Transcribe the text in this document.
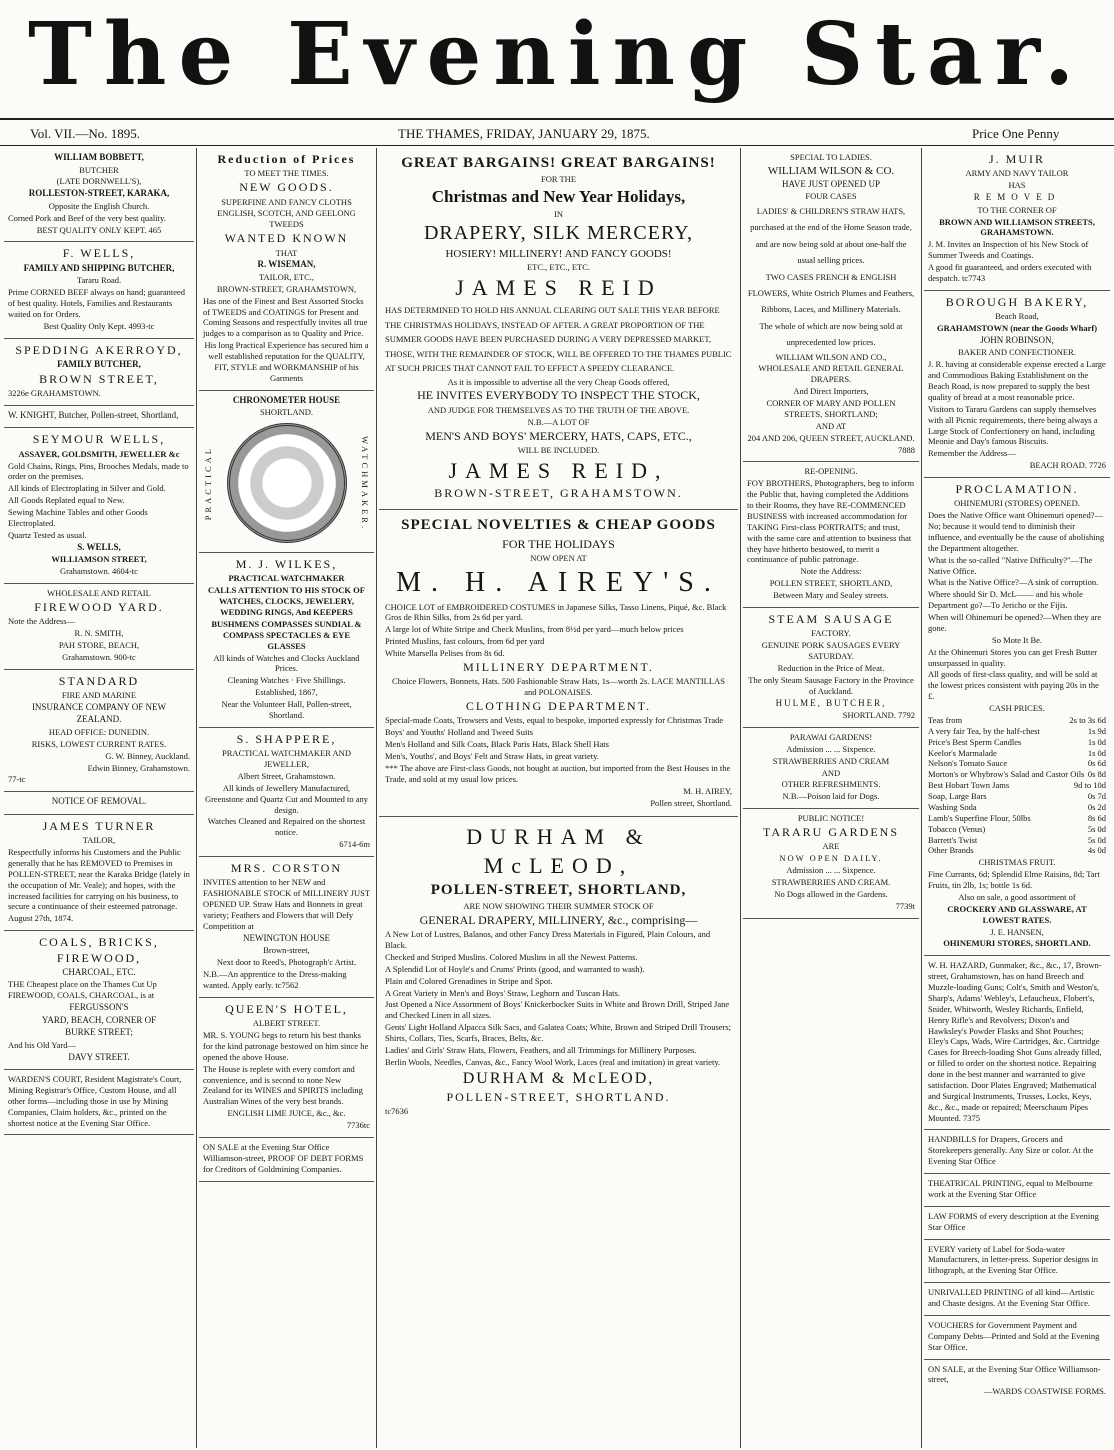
The Evening Star.
Vol. VII.—No. 1895.	THE THAMES, FRIDAY, JANUARY 29, 1875.	Price One Penny

WILLIAM BOBBETT,

BUTCHER

(LATE DORNWELL'S),

ROLLESTON-STREET, KARAKA,

Opposite the English Church.

Corned Pork and Beef of the very best quality.

BEST QUALITY ONLY KEPT. 465

F. WELLS,

FAMILY AND SHIPPING BUTCHER,

Tararu Road.

Prime CORNED BEEF always on hand; guaranteed of best quality. Hotels, Families and Restaurants waited on for Orders.

Best Quality Only Kept. 4993-tc

SPEDDING AKERROYD,

FAMILY BUTCHER,

BROWN STREET,

3226e GRAHAMSTOWN.

W. KNIGHT, Butcher, Pollen-street, Shortland,

SEYMOUR WELLS,

ASSAYER, GOLDSMITH, JEWELLER &c

Gold Chains, Rings, Pins, Brooches Medals, made to order on the premises.

All kinds of Electroplating in Silver and Gold.

All Goods Replated equal to New.

Sewing Machine Tables and other Goods Electroplated.

Quartz Tested as usual.

S. WELLS,

WILLIAMSON STREET,

Grahamstown. 4604-tc

WHOLESALE AND RETAIL

FIREWOOD YARD.

Note the Address—

R. N. SMITH,

PAH STORE, BEACH,

Grahamstown. 900-tc

STANDARD

FIRE AND MARINE

INSURANCE COMPANY OF NEW

ZEALAND.

HEAD OFFICE: DUNEDIN.

RISKS, LOWEST CURRENT RATES.

G. W. Binney, Auckland.

Edwin Binney, Grahamstown.

77-tc

NOTICE OF REMOVAL.

JAMES TURNER

TAILOR,

Respectfully informs his Customers and the Public generally that he has REMOVED to Premises in POLLEN-STREET, near the Karaka Bridge (lately in the occupation of Mr. Veale); and hopes, with the increased facilities for carrying on his business, to secure a continuance of their esteemed patronage.

August 27th, 1874.

COALS, BRICKS, FIREWOOD,

CHARCOAL, ETC.

THE Cheapest place on the Thames Cut Up FIREWOOD, COALS, CHARCOAL, is at

FERGUSSON'S

YARD, BEACH, CORNER OF

BURKE STREET;

And his Old Yard—

DAVY STREET.

WARDEN'S COURT, Resident Magistrate's Court, Mining Registrar's Office, Custom House, and all other forms—including those in use by Mining Companies, Claim holders, &c., printed on the shortest notice at the Evening Star Office.

Reduction of Prices

TO MEET THE TIMES.

NEW GOODS.

SUPERFINE AND FANCY CLOTHS

ENGLISH, SCOTCH, AND GEELONG TWEEDS

WANTED KNOWN

THAT

R. WISEMAN,

TAILOR, ETC.,

BROWN-STREET, GRAHAMSTOWN,

Has one of the Finest and Best Assorted Stocks of TWEEDS and COATINGS for Present and Coming Seasons and respectfully invites all true judges to a comparison as to Quality and Price.

His long Practical Experience has secured him a well established reputation for the QUALITY, FIT, STYLE and WORKMANSHIP of his Garments

CHRONOMETER HOUSE

SHORTLAND.

PRACTICAL	WATCHMAKER.

M. J. WILKES,

PRACTICAL WATCHMAKER

CALLS ATTENTION TO HIS STOCK OF WATCHES, CLOCKS, JEWELERY, WEDDING RINGS, And KEEPERS

BUSHMENS COMPASSES SUNDIAL & COMPASS SPECTACLES & EYE GLASSES

All kinds of Watches and Clocks Auckland Prices.

Cleaning Watches · Five Shillings.

Established, 1867,

Near the Volunteer Hall, Pollen-street, Shortland.

S. SHAPPERE,

PRACTICAL WATCHMAKER AND JEWELLER,

Albert Street, Grahamstown.

All kinds of Jewellery Manufactured, Greenstone and Quartz Cut and Mounted to any design.

Watches Cleaned and Repaired on the shortest notice.

6714-6m

MRS. CORSTON

INVITES attention to her NEW and FASHIONABLE STOCK of MILLINERY JUST OPENED UP. Straw Hats and Bonnets in great variety; Feathers and Flowers that will Defy Competition at

NEWINGTON HOUSE

Brown-street,

Next door to Reed's, Photograph'c Artist.

N.B.—An apprentice to the Dress-making wanted. Apply early. tc7562

QUEEN'S HOTEL,

ALBERT STREET.

MR. S. YOUNG begs to return his best thanks for the kind patronage bestowed on him since he opened the above House.

The House is replete with every comfort and convenience, and is second to none New Zealand for its WINES and SPIRITS including Australian Wines of the very best brands.

ENGLISH LIME JUICE, &c., &c.

7736tc

ON SALE at the Evening Star Office Williamson-street, PROOF OF DEBT FORMS for Creditors of Goldmining Companies.

GREAT BARGAINS! GREAT BARGAINS!

FOR THE

Christmas and New Year Holidays,

IN

DRAPERY, SILK MERCERY,

HOSIERY! MILLINERY! AND FANCY GOODS!

ETC., ETC., ETC.

JAMES REID

HAS DETERMINED TO HOLD HIS ANNUAL CLEARING OUT SALE THIS YEAR BEFORE THE CHRISTMAS HOLIDAYS, INSTEAD OF AFTER. A GREAT PROPORTION OF THE SUMMER GOODS HAVE BEEN PURCHASED DURING A VERY DEPRESSED MARKET, THOSE, WITH THE REMAINDER OF STOCK, WILL BE OFFERED TO THE THAMES PUBLIC AT SUCH PRICES THAT CANNOT FAIL TO EFFECT A SPEEDY CLEARANCE.

As it is impossible to advertise all the very Cheap Goods offered,

HE INVITES EVERYBODY TO INSPECT THE STOCK,

AND JUDGE FOR THEMSELVES AS TO THE TRUTH OF THE ABOVE.

N.B.—A LOT OF

MEN'S AND BOYS' MERCERY, HATS, CAPS, ETC.,

WILL BE INCLUDED.

JAMES REID,

BROWN-STREET, GRAHAMSTOWN.

SPECIAL NOVELTIES & CHEAP GOODS

FOR THE HOLIDAYS

NOW OPEN AT

M. H. AIREY'S.

CHOICE LOT of EMBROIDERED COSTUMES in Japanese Silks, Tasso Linens, Piqué, &c. Black Gros de Rhin Silks, from 2s 6d per yard.

A large lot of White Stripe and Check Muslins, from 8½d per yard—much below prices

Printed Muslins, fast colours, from 6d per yard

White Marsella Pelises from 8s 6d.

MILLINERY DEPARTMENT.

Choice Flowers, Bonnets, Hats. 500 Fashionable Straw Hats, 1s—worth 2s. LACE MANTILLAS and POLONAISES.

CLOTHING DEPARTMENT.

Special-made Coats, Trowsers and Vests, equal to bespoke, imported expressly for Christmas Trade

Boys' and Youths' Holland and Tweed Suits

Men's Holland and Silk Coats, Black Paris Hats, Black Shell Hats

Men's, Youths', and Boys' Felt and Straw Hats, in great variety.

*** The above are First-class Goods, not bought at auction, but imported from the Best Houses in the Trade, and sold at my usual low prices.

M. H. AIREY,

Pollen street, Shortland.

DURHAM & McLEOD,

POLLEN-STREET, SHORTLAND,

ARE NOW SHOWING THEIR SUMMER STOCK OF

GENERAL DRAPERY, MILLINERY, &c., comprising—

A New Lot of Lustres, Balanos, and other Fancy Dress Materials in Figured, Plain Colours, and Black.

Checked and Striped Muslins. Colored Muslins in all the Newest Patterns.

A Splendid Lot of Hoyle's and Crums' Prints (good, and warranted to wash).

Plain and Colored Grenadines in Stripe and Spot.

A Great Variety in Men's and Boys' Straw, Leghorn and Tuscan Hats.

Just Opened a Nice Assortment of Boys' Knickerbocker Suits in White and Brown Drill, Striped Jane and Checked Linen in all sizes.

Gents' Light Holland Alpacca Silk Sacs, and Galatea Coats; White, Brown and Striped Drill Trousers; Shirts, Collars, Ties, Scarfs, Braces, Belts, &c.

Ladies' and Girls' Straw Hats, Flowers, Feathers, and all Trimmings for Millinery Purposes.

Berlin Wools, Needles, Canvas, &c., Fancy Wool Work, Laces (real and imitation) in great variety.

DURHAM & McLEOD,

POLLEN-STREET, SHORTLAND.

tc7636

SPECIAL TO LADIES.

WILLIAM WILSON & CO.

HAVE JUST OPENED UP

FOUR CASES

LADIES' & CHILDREN'S STRAW HATS, purchased at the end of the Home Season trade, and are now being sold at about one-half the usual selling prices.

TWO CASES FRENCH & ENGLISH FLOWERS, White Ostrich Plumes and Feathers, Ribbons, Laces, and Millinery Materials.

The whole of which are now being sold at unprecedented low prices.

WILLIAM WILSON AND CO.,

WHOLESALE AND RETAIL GENERAL DRAPERS.

And Direct Importers,

CORNER OF MARY AND POLLEN STREETS, SHORTLAND;

AND AT

204 AND 206, QUEEN STREET, AUCKLAND.

7888

RE-OPENING.

FOY BROTHERS, Photographers, beg to inform the Public that, having completed the Additions to their Rooms, they have RE-COMMENCED BUSINESS with increased accommodation for TAKING First-class PORTRAITS; and trust, with the same care and attention to business that they have hitherto bestowed, to merit a continuance of public patronage.

Note the Address:

POLLEN STREET, SHORTLAND,

Between Mary and Sealey streets.

STEAM SAUSAGE

FACTORY.

GENUINE PORK SAUSAGES EVERY SATURDAY.

Reduction in the Price of Meat.

The only Steam Sausage Factory in the Province of Auckland.

HULME, BUTCHER,

SHORTLAND. 7792

PARAWAI GARDENS!

Admission ... ... Sixpence.

STRAWBERRIES AND CREAM

AND

OTHER REFRESHMENTS.

N.B.—Poison laid for Dogs.

PUBLIC NOTICE!

TARARU GARDENS

ARE

NOW OPEN DAILY.

Admission ... ... Sixpence.

STRAWBERRIES AND CREAM.

No Dogs allowed in the Gardens.

7739t

J. MUIR

ARMY AND NAVY TAILOR

HAS

REMOVED

TO THE CORNER OF

BROWN AND WILLIAMSON STREETS, GRAHAMSTOWN.

J. M. Invites an Inspection of his New Stock of Summer Tweeds and Coatings.

A good fit guaranteed, and orders executed with despatch. tc7743

BOROUGH BAKERY,

Beach Road,

GRAHAMSTOWN (near the Goods Wharf)

JOHN ROBINSON,

BAKER AND CONFECTIONER.

J. R. having at considerable expense erected a Large and Commodious Baking Establishment on the Beach Road, is now prepared to supply the best quality of bread at a most reasonable price.

Visitors to Tararu Gardens can supply themselves with all Picnic requirements, there being always a Large Stock of Confectionery on hand, including Meonie and Day's famous Biscuits.

Remember the Address—

BEACH ROAD. 7726

PROCLAMATION.

OHINEMURI (STORES) OPENED.

Does the Native Office want Ohinemuri opened?—No; because it would tend to diminish their influence, and eventually be the cause of abolishing the Department altogether.

What is the so-called "Native Difficulty?"—The Native Office.

What is the Native Office?—A sink of corruption.

Where should Sir D. McL—— and his whole Department go?—To Jericho or the Fijis.

When will Ohinemuri be opened?—When they are gone.

So Mote It Be.

At the Ohinemuri Stores you can get Fresh Butter unsurpassed in quality.

All goods of first-class quality, and will be sold at the lowest prices consistent with paying 20s in the £.

CASH PRICES.

Teas from	2s to 3s 6d
A very fair Tea, by the half-chest	1s 9d
Price's Best Sperm Candles	1s 0d
Keelor's Marmalade	1s 0d
Nelson's Tomato Sauce	0s 6d
Morton's or Whybrow's Salad and Castor Oils 0s 8d
Best Hobart Town Jams	9d to 10d
Soap, Large Bars	0s 7d
Washing Soda	0s 2d
Lamb's Superfine Flour, 50lbs	8s 6d
Tobacco (Venus)	5s 0d
Barrett's Twist	5s 0d
Other Brands	4s 0d

CHRISTMAS FRUIT.

Fine Currants, 6d; Splendid Elme Raisins, 8d; Tart Fruits, tin 2lb, 1s; bottle 1s 6d.

Also on sale, a good assortment of

CROCKERY AND GLASSWARE, AT LOWEST RATES.

J. E. HANSEN,

OHINEMURI STORES, SHORTLAND.

W. H. HAZARD, Gunmaker, &c., &c., 17, Brown-street, Grahamstown, has on hand Breech and Muzzle-loading Guns; Colt's, Smith and Weston's, Sharp's, Adams' Webley's, Lefaucheux, Flobert's, Snider, Whitworth, Wesley Richards, Enfield, Henry Rifle's and Revolvers; Dixon's and Hawksley's Powder Flasks and Shot Pouches; Eley's Caps, Wads, Wire Cartridges, &c. Cartridge Cases for Breech-loading Shot Guns already filled, or filled to order on the shortest notice. Repairing done in the best manner and warranted to give satisfaction. Door Plates Engraved; Mathematical and Surgical Instruments, Trusses, Locks, Keys, &c., &c., made or repaired; Meerschaum Pipes Mounted. 7375

HANDBILLS for Drapers, Grocers and Storekeepers generally. Any Size or color. At the Evening Star Office

THEATRICAL PRINTING, equal to Melbourne work at the Evening Star Office

LAW FORMS of every description at the Evening Star Office

EVERY variety of Label for Soda-water Manufacturers, in letter-press. Superior designs in lithograph, at the Evening Star Office.

UNRIVALLED PRINTING of all kind—Artistic and Chaste designs. At the Evening Star Office.

VOUCHERS for Government Payment and Company Debts—Printed and Sold at the Evening Star Office.

ON SALE, at the Evening Star Office Williamson-street,

—WARDS COASTWISE FORMS.
